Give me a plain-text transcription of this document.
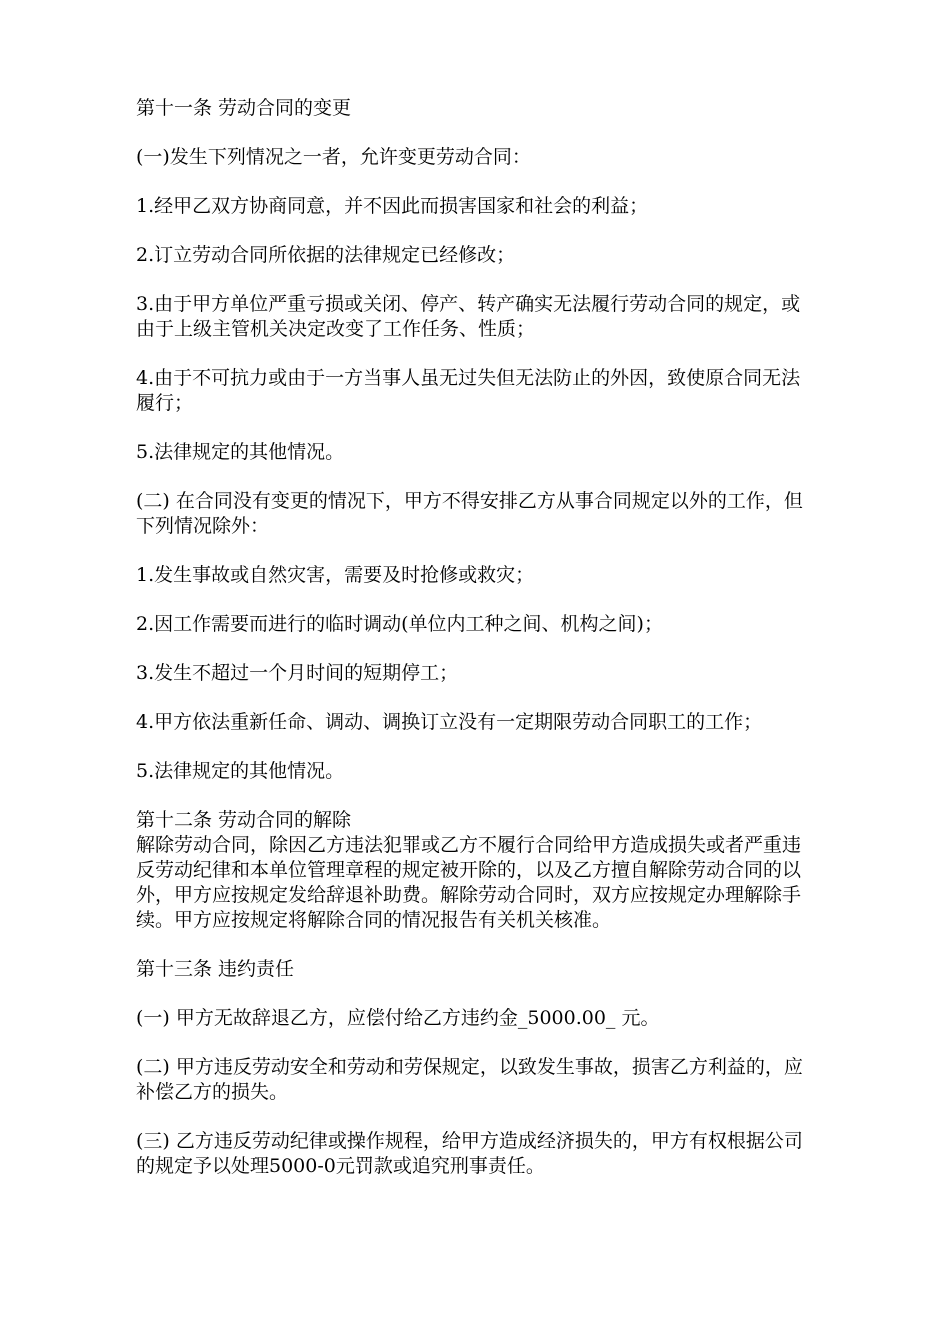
第十一条 劳动合同的变更

(一)发生下列情况之一者，允许变更劳动合同：

1.经甲乙双方协商同意，并不因此而损害国家和社会的利益；

2.订立劳动合同所依据的法律规定已经修改；

3.由于甲方单位严重亏损或关闭、停产、转产确实无法履行劳动合同的规定，或由于上级主管机关决定改变了工作任务、性质；

4.由于不可抗力或由于一方当事人虽无过失但无法防止的外因，致使原合同无法履行；

5.法律规定的其他情况。

(二) 在合同没有变更的情况下，甲方不得安排乙方从事合同规定以外的工作，但下列情况除外：

1.发生事故或自然灾害，需要及时抢修或救灾；

2.因工作需要而进行的临时调动(单位内工种之间、机构之间)；

3.发生不超过一个月时间的短期停工；

4.甲方依法重新任命、调动、调换订立没有一定期限劳动合同职工的工作；

5.法律规定的其他情况。

第十二条 劳动合同的解除

解除劳动合同，除因乙方违法犯罪或乙方不履行合同给甲方造成损失或者严重违反劳动纪律和本单位管理章程的规定被开除的，以及乙方擅自解除劳动合同的以外，甲方应按规定发给辞退补助费。解除劳动合同时，双方应按规定办理解除手续。甲方应按规定将解除合同的情况报告有关机关核准。

第十三条 违约责任

(一) 甲方无故辞退乙方，应偿付给乙方违约金_5000.00_ 元。

(二) 甲方违反劳动安全和劳动和劳保规定，以致发生事故，损害乙方利益的，应补偿乙方的损失。

(三) 乙方违反劳动纪律或操作规程，给甲方造成经济损失的，甲方有权根据公司的规定予以处理5000-0元罚款或追究刑事责任。
